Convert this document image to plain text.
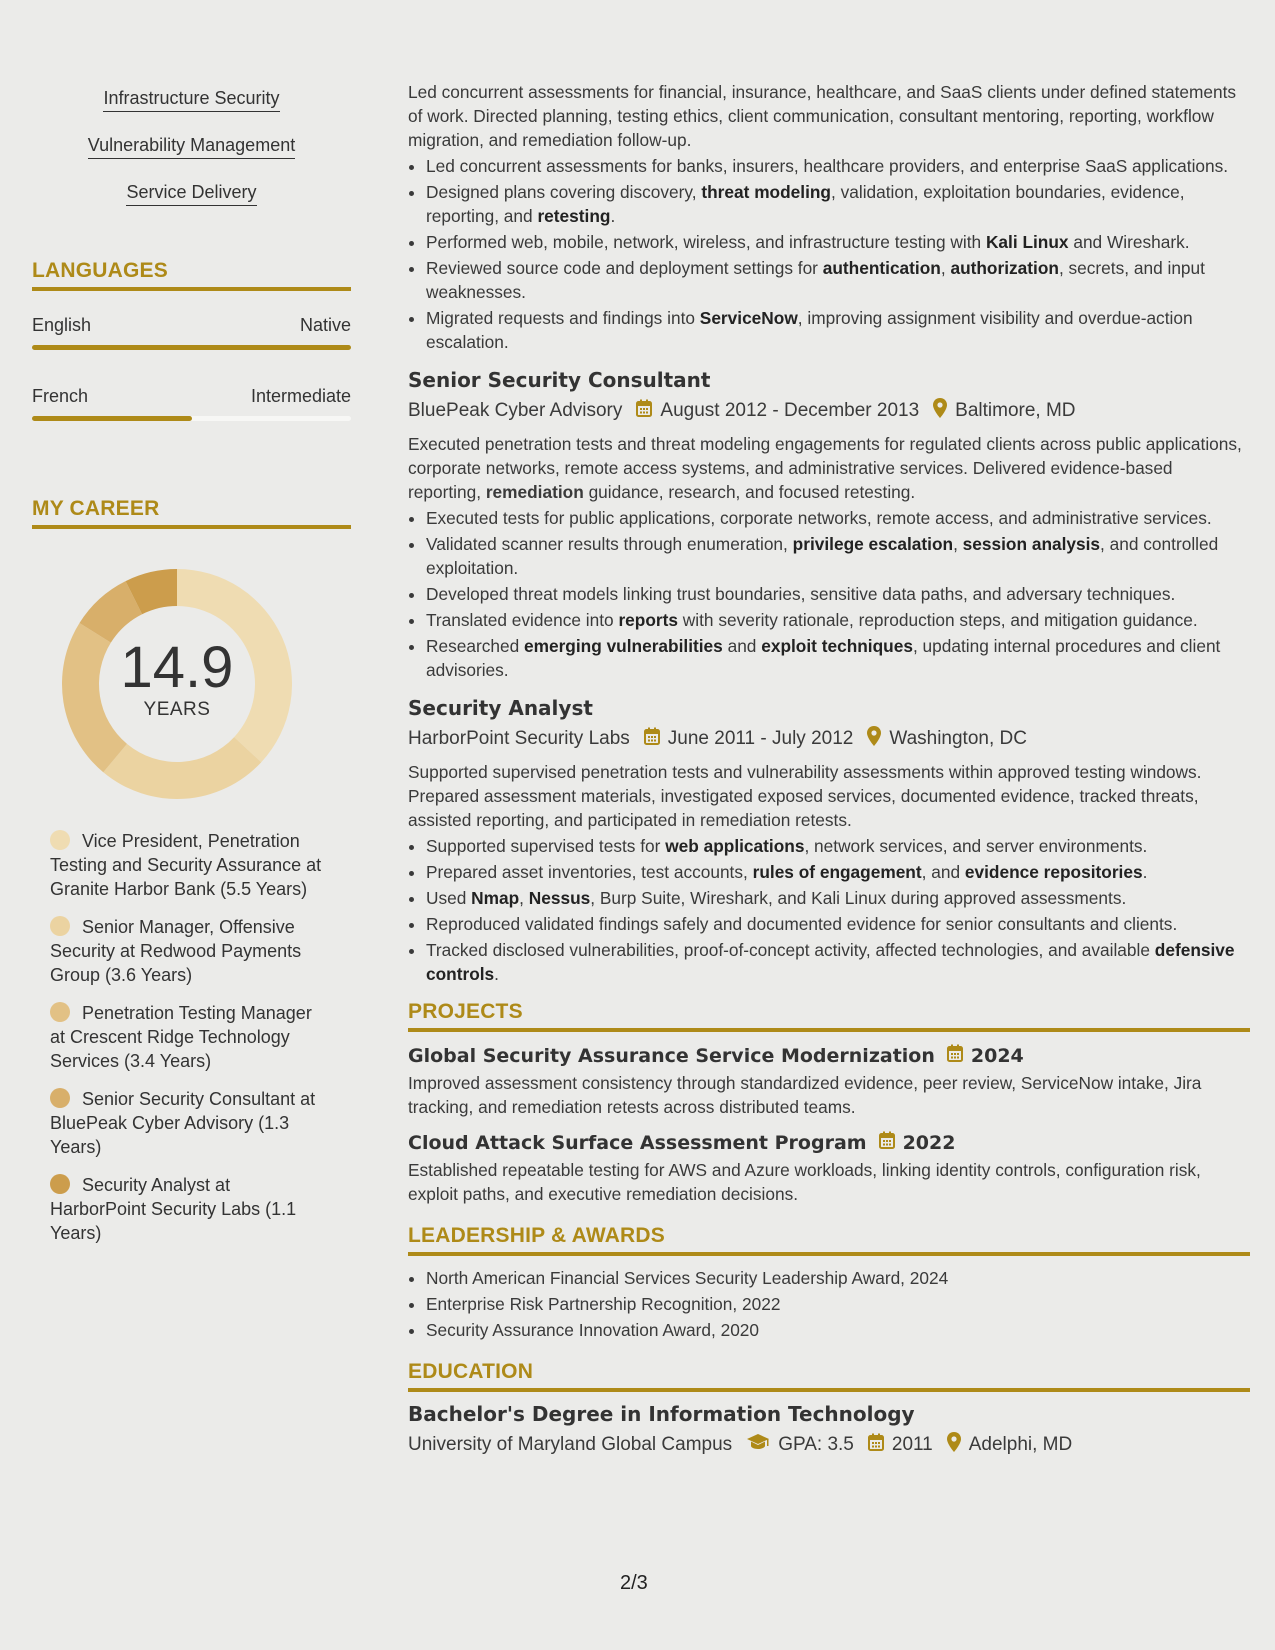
Infrastructure Security
Vulnerability Management
Service Delivery
LANGUAGES
English	Native
French	Intermediate
MY CAREER
14.9
YEARS
Vice President, Penetration Testing and Security Assurance at Granite Harbor Bank (5.5 Years)
Senior Manager, Offensive Security at Redwood Payments Group (3.6 Years)
Penetration Testing Manager at Crescent Ridge Technology Services (3.4 Years)
Senior Security Consultant at BluePeak Cyber Advisory (1.3 Years)
Security Analyst at HarborPoint Security Labs (1.1 Years)

Led concurrent assessments for financial, insurance, healthcare, and SaaS clients under defined statements of work. Directed planning, testing ethics, client communication, consultant mentoring, reporting, workflow migration, and remediation follow-up.

• Led concurrent assessments for banks, insurers, healthcare providers, and enterprise SaaS applications.
• Designed plans covering discovery, threat modeling, validation, exploitation boundaries, evidence, reporting, and retesting.
• Performed web, mobile, network, wireless, and infrastructure testing with Kali Linux and Wireshark.
• Reviewed source code and deployment settings for authentication, authorization, secrets, and input weaknesses.
• Migrated requests and findings into ServiceNow, improving assignment visibility and overdue-action escalation.
Senior Security Consultant
BluePeak Cyber Advisory August 2012 - December 2013 Baltimore, MD

Executed penetration tests and threat modeling engagements for regulated clients across public applications, corporate networks, remote access systems, and administrative services. Delivered evidence-based reporting, remediation guidance, research, and focused retesting.

• Executed tests for public applications, corporate networks, remote access, and administrative services.
• Validated scanner results through enumeration, privilege escalation, session analysis, and controlled exploitation.
• Developed threat models linking trust boundaries, sensitive data paths, and adversary techniques.
• Translated evidence into reports with severity rationale, reproduction steps, and mitigation guidance.
• Researched emerging vulnerabilities and exploit techniques, updating internal procedures and client advisories.
Security Analyst
HarborPoint Security Labs June 2011 - July 2012 Washington, DC

Supported supervised penetration tests and vulnerability assessments within approved testing windows. Prepared assessment materials, investigated exposed services, documented evidence, tracked threats, assisted reporting, and participated in remediation retests.

• Supported supervised tests for web applications, network services, and server environments.
• Prepared asset inventories, test accounts, rules of engagement, and evidence repositories.
• Used Nmap, Nessus, Burp Suite, Wireshark, and Kali Linux during approved assessments.
• Reproduced validated findings safely and documented evidence for senior consultants and clients.
• Tracked disclosed vulnerabilities, proof-of-concept activity, affected technologies, and available defensive controls.
PROJECTS
Global Security Assurance Service Modernization 2024
Improved assessment consistency through standardized evidence, peer review, ServiceNow intake, Jira tracking, and remediation retests across distributed teams.
Cloud Attack Surface Assessment Program 2022
Established repeatable testing for AWS and Azure workloads, linking identity controls, configuration risk, exploit paths, and executive remediation decisions.
LEADERSHIP & AWARDS
• North American Financial Services Security Leadership Award, 2024
• Enterprise Risk Partnership Recognition, 2022
• Security Assurance Innovation Award, 2020
EDUCATION
Bachelor's Degree in Information Technology
University of Maryland Global Campus GPA: 3.5 2011 Adelphi, MD
2/3
